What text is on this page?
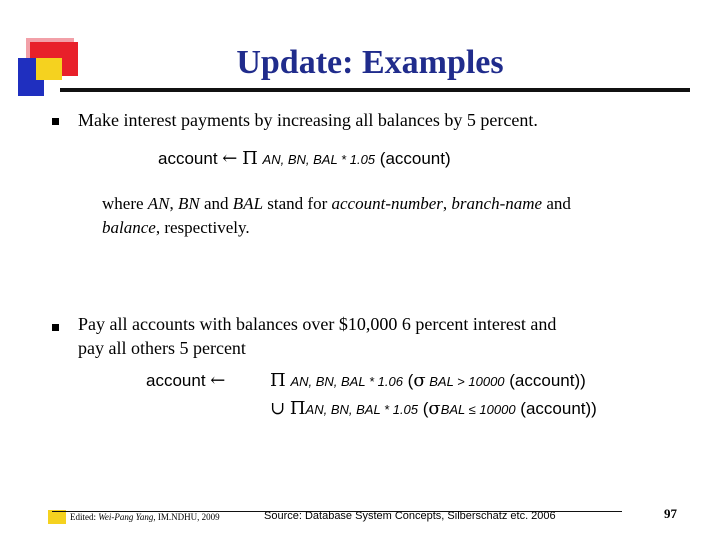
Update: Examples
Make interest payments by increasing all balances by 5 percent.
account ← Π AN, BN, BAL * 1.05 (account)
where AN, BN and BAL stand for account-number, branch-name and
balance, respectively.
Pay all accounts with balances over $10,000 6 percent interest and
pay all others 5 percent
account ← Π AN, BN, BAL * 1.06 (σ BAL > 10000 (account))
∪ ΠAN, BN, BAL * 1.05 (σBAL ≤ 10000 (account))
Edited: Wei-Pang Yang, IM.NDHU, 2009	Source: Database System Concepts, Silberschatz etc. 2006	97
